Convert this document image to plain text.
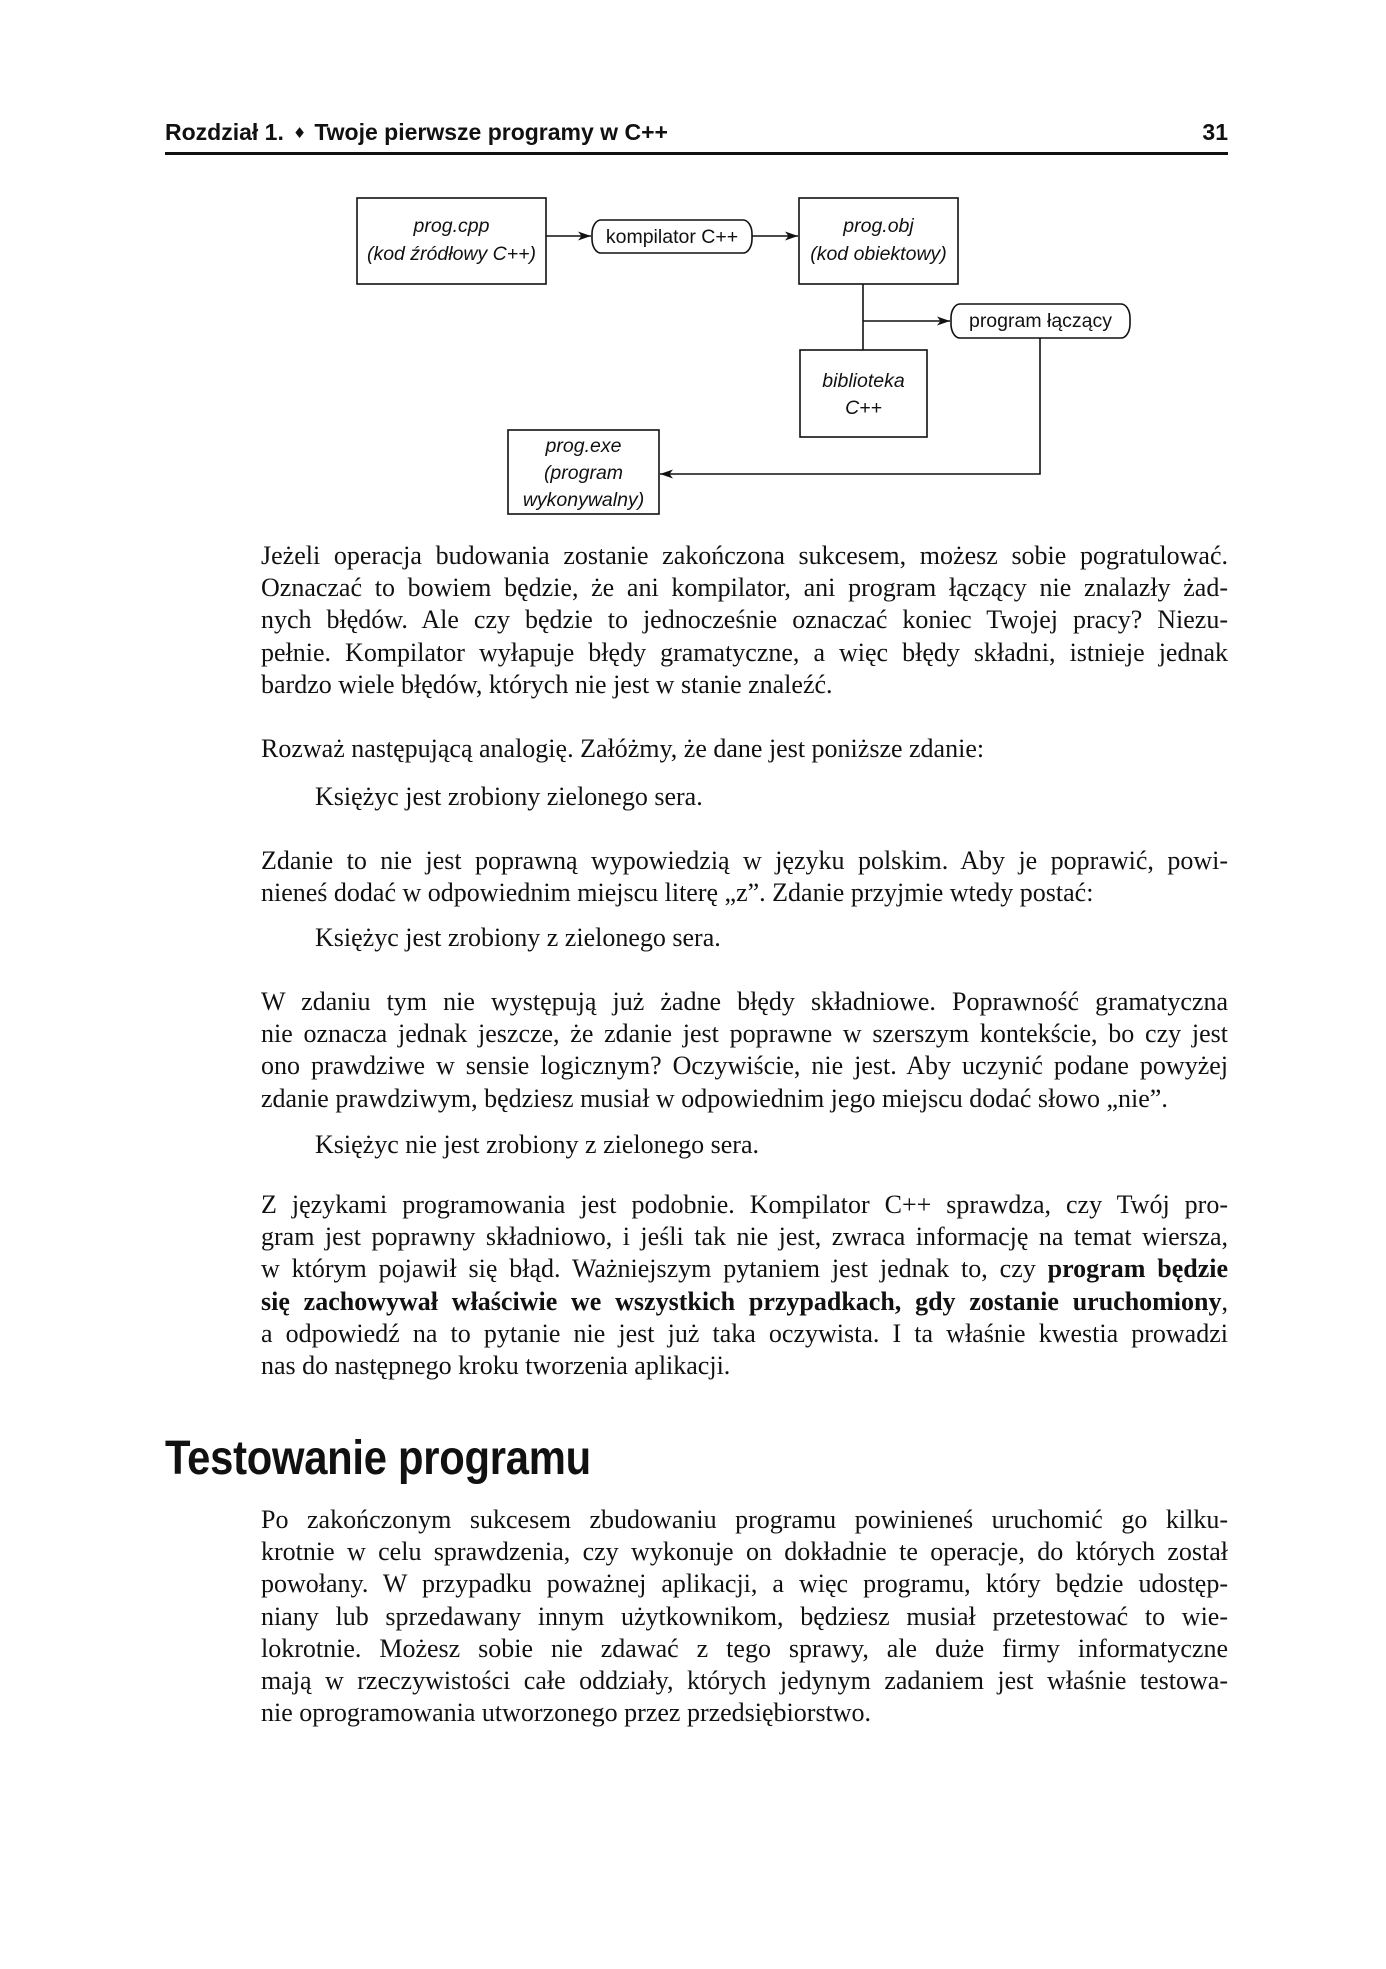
Rozdział 1. ♦ Twoje pierwsze programy w C++	31
prog.cpp
(kod źródłowy C++)
kompilator C++	prog.obj
(kod obiektowy)
program łączący
biblioteka
C++
prog.exe
(program
wykonywalny)
Jeżeli operacja budowania zostanie zakończona sukcesem, możesz sobie pogratulować.
Oznaczać to bowiem będzie, że ani kompilator, ani program łączący nie znalazły żad-
nych błędów. Ale czy będzie to jednocześnie oznaczać koniec Twojej pracy? Niezu-
pełnie. Kompilator wyłapuje błędy gramatyczne, a więc błędy składni, istnieje jednak
bardzo wiele błędów, których nie jest w stanie znaleźć.
Rozważ następującą analogię. Załóżmy, że dane jest poniższe zdanie:
Księżyc jest zrobiony zielonego sera.
Zdanie to nie jest poprawną wypowiedzią w języku polskim. Aby je poprawić, powi-
nieneś dodać w odpowiednim miejscu literę „z”. Zdanie przyjmie wtedy postać:
Księżyc jest zrobiony z zielonego sera.
W zdaniu tym nie występują już żadne błędy składniowe. Poprawność gramatyczna
nie oznacza jednak jeszcze, że zdanie jest poprawne w szerszym kontekście, bo czy jest
ono prawdziwe w sensie logicznym? Oczywiście, nie jest. Aby uczynić podane powyżej
zdanie prawdziwym, będziesz musiał w odpowiednim jego miejscu dodać słowo „nie”.
Księżyc nie jest zrobiony z zielonego sera.
Z językami programowania jest podobnie. Kompilator C++ sprawdza, czy Twój pro-
gram jest poprawny składniowo, i jeśli tak nie jest, zwraca informację na temat wiersza,
w którym pojawił się błąd. Ważniejszym pytaniem jest jednak to, czy program będzie
się zachowywał właściwie we wszystkich przypadkach, gdy zostanie uruchomiony,
a odpowiedź na to pytanie nie jest już taka oczywista. I ta właśnie kwestia prowadzi
nas do następnego kroku tworzenia aplikacji.
Testowanie programu
Po zakończonym sukcesem zbudowaniu programu powinieneś uruchomić go kilku-
krotnie w celu sprawdzenia, czy wykonuje on dokładnie te operacje, do których został
powołany. W przypadku poważnej aplikacji, a więc programu, który będzie udostęp-
niany lub sprzedawany innym użytkownikom, będziesz musiał przetestować to wie-
lokrotnie. Możesz sobie nie zdawać z tego sprawy, ale duże firmy informatyczne
mają w rzeczywistości całe oddziały, których jedynym zadaniem jest właśnie testowa-
nie oprogramowania utworzonego przez przedsiębiorstwo.
